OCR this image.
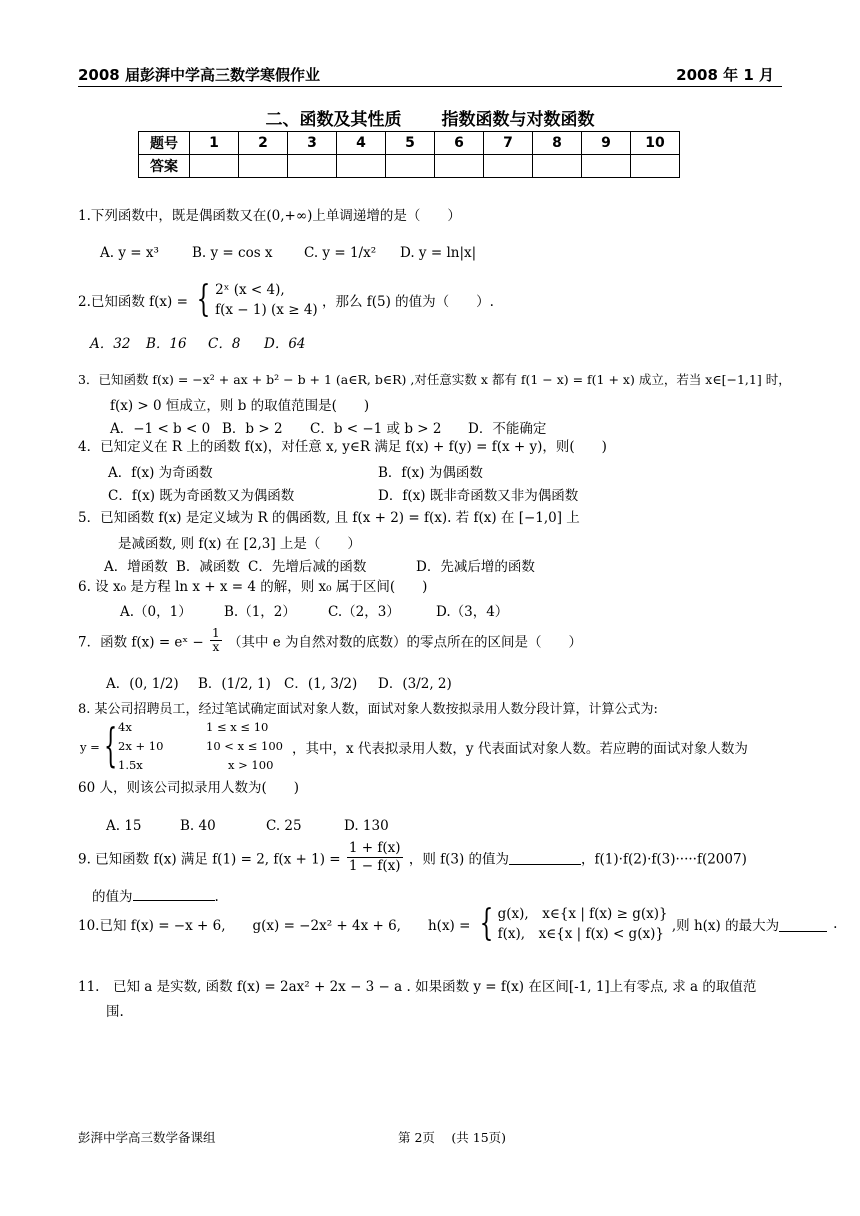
2008 届彭湃中学高三数学寒假作业	2008 年 1 月
二、函数及其性质 指数函数与对数函数
题号	1	2	3	4	5	6	7	8	9	10
答案										
1.下列函数中，既是偶函数又在(0,+∞)上单调递增的是（　　）
A. y = x³ B. y = cos x C. y = 1/x² D. y = ln|x|
2.已知函数 f(x) = { 2ˣ (x < 4),
f(x − 1) (x ≥ 4) ，那么 f(5) 的值为（　　）.
A．32 B．16 C．8 D．64
3．已知函数 f(x) = −x² + ax + b² − b + 1 (a∈R, b∈R) ,对任意实数 x 都有 f(1 − x) = f(1 + x) 成立，若当 x∈[−1,1] 时，
f(x) > 0 恒成立，则 b 的取值范围是(　　)
A．−1 < b < 0 B．b > 2 C．b < −1 或 b > 2 D．不能确定
4．已知定义在 R 上的函数 f(x)，对任意 x, y∈R 满足 f(x) + f(y) = f(x + y)，则(　　)
A．f(x) 为奇函数	B．f(x) 为偶函数
C．f(x) 既为奇函数又为偶函数	D．f(x) 既非奇函数又非为偶函数
5．已知函数 f(x) 是定义域为 R 的偶函数, 且 f(x + 2) = f(x). 若 f(x) 在 [−1,0] 上
是减函数, 则 f(x) 在 [2,3] 上是（　　）
A．增函数 B．减函数 C．先增后减的函数	D．先减后增的函数
6. 设 x₀ 是方程 ln x + x = 4 的解，则 x₀ 属于区间(　　)
A.（0，1） B.（1，2） C.（2，3）	D.（3，4）
7．函数 f(x) = eˣ − $\frac{1}{x}$ （其中 e 为自然对数的底数）的零点所在的区间是（　　）
A．(0, 1/2) B．(1/2, 1) C．(1, 3/2) D．(3/2, 2)
8. 某公司招聘员工，经过笔试确定面试对象人数，面试对象人数按拟录用人数分段计算，计算公式为:
y = { 4x	1 ≤ x ≤ 10
2x + 10	10 < x ≤ 100
1.5x	x > 100
，其中，x 代表拟录用人数，y 代表面试对象人数。若应聘的面试对象人数为
60 人，则该公司拟录用人数为(　　)
A. 15	B. 40	C. 25	D. 130
9. 已知函数 f(x) 满足 f(1) = 2, $f(x + 1) = \frac{1 + f(x)}{1 - f(x)}$ ，则 f(3) 的值为	，f(1)·f(2)·f(3)·····f(2007)
的值为	.
10.已知 f(x) = −x + 6,　　g(x) = −2x² + 4x + 6,　　h(x) = { g(x),　x∈{x | f(x) ≥ g(x)}
f(x),　x∈{x | f(x) < g(x)} ,则 h(x) 的最大为	.
11.　已知 a 是实数, 函数 f(x) = 2ax² + 2x − 3 − a . 如果函数 y = f(x) 在区间[-1, 1]上有零点, 求 a 的取值范
围.
彭湃中学高三数学备课组	第 2页　 (共 15页)
